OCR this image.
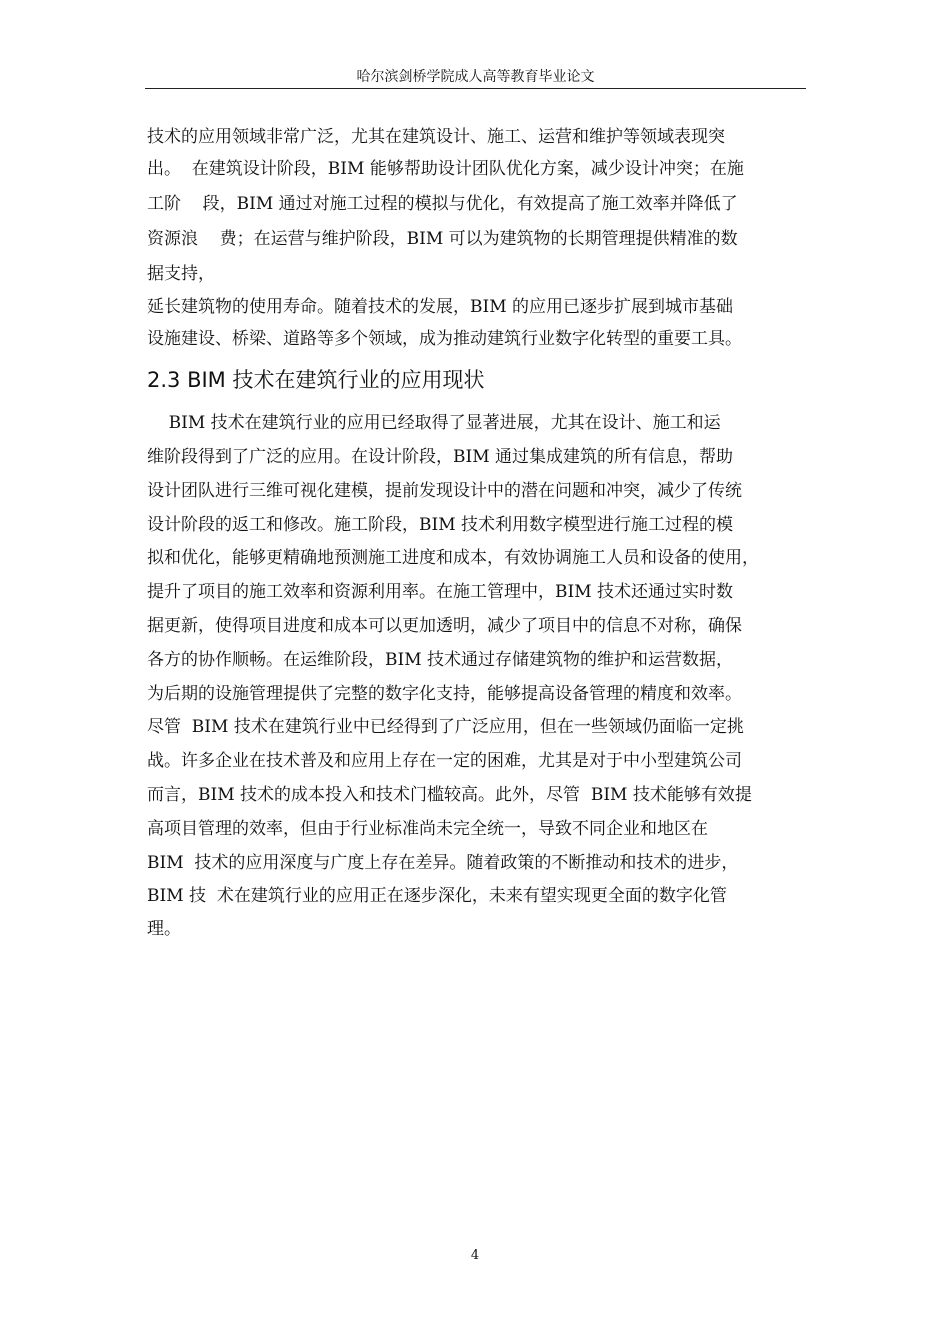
哈尔滨剑桥学院成人高等教育毕业论文
技术的应用领域非常广泛，尤其在建筑设计、施工、运营和维护等领域表现突
出。  在建筑设计阶段，BIM 能够帮助设计团队优化方案，减少设计冲突；在施
工阶    段，BIM 通过对施工过程的模拟与优化，有效提高了施工效率并降低了
资源浪    费；在运营与维护阶段，BIM 可以为建筑物的长期管理提供精准的数
据支持，
延长建筑物的使用寿命。随着技术的发展，BIM 的应用已逐步扩展到城市基础
设施建设、桥梁、道路等多个领域，成为推动建筑行业数字化转型的重要工具。
2.3 BIM 技术在建筑行业的应用现状
BIM 技术在建筑行业的应用已经取得了显著进展，尤其在设计、施工和运
维阶段得到了广泛的应用。在设计阶段，BIM 通过集成建筑的所有信息，帮助
设计团队进行三维可视化建模，提前发现设计中的潜在问题和冲突，减少了传统
设计阶段的返工和修改。施工阶段，BIM 技术利用数字模型进行施工过程的模
拟和优化，能够更精确地预测施工进度和成本，有效协调施工人员和设备的使用，
提升了项目的施工效率和资源利用率。在施工管理中，BIM 技术还通过实时数
据更新，使得项目进度和成本可以更加透明，减少了项目中的信息不对称，确保
各方的协作顺畅。在运维阶段，BIM 技术通过存储建筑物的维护和运营数据，
为后期的设施管理提供了完整的数字化支持，能够提高设备管理的精度和效率。
尽管  BIM 技术在建筑行业中已经得到了广泛应用，但在一些领域仍面临一定挑
战。许多企业在技术普及和应用上存在一定的困难，尤其是对于中小型建筑公司
而言，BIM 技术的成本投入和技术门槛较高。此外，尽管  BIM 技术能够有效提
高项目管理的效率，但由于行业标准尚未完全统一，导致不同企业和地区在
BIM  技术的应用深度与广度上存在差异。随着政策的不断推动和技术的进步，
BIM 技  术在建筑行业的应用正在逐步深化，未来有望实现更全面的数字化管
理。
4
